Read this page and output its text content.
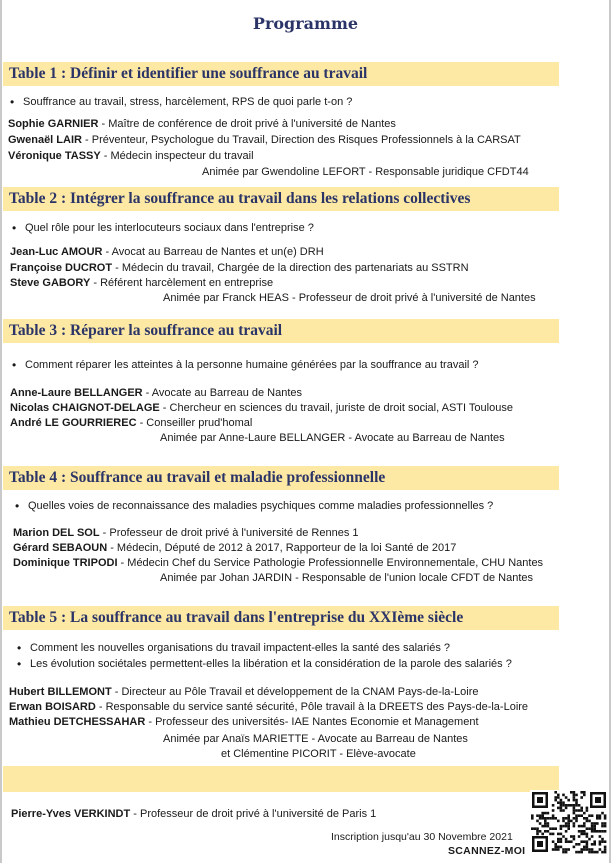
Programme
Table 1 : Définir et identifier une souffrance au travail
• Souffrance au travail, stress, harcèlement, RPS de quoi parle t-on ?
Sophie GARNIER - Maître de conférence de droit privé à l'université de Nantes
Gwenaël LAIR - Préventeur, Psychologue du Travail, Direction des Risques Professionnels à la CARSAT
Véronique TASSY - Médecin inspecteur du travail
Animée par Gwendoline LEFORT - Responsable juridique CFDT44
Table 2 : Intégrer la souffrance au travail dans les relations collectives
• Quel rôle pour les interlocuteurs sociaux dans l'entreprise ?
Jean-Luc AMOUR - Avocat au Barreau de Nantes et un(e) DRH
Françoise DUCROT - Médecin du travail, Chargée de la direction des partenariats au SSTRN
Steve GABORY - Référent harcèlement en entreprise
Animée par Franck HEAS - Professeur de droit privé à l'université de Nantes
Table 3 : Réparer la souffrance au travail
• Comment réparer les atteintes à la personne humaine générées par la souffrance au travail ?
Anne-Laure BELLANGER - Avocate au Barreau de Nantes
Nicolas CHAIGNOT-DELAGE - Chercheur en sciences du travail, juriste de droit social, ASTI Toulouse
André LE GOURRIEREC - Conseiller prud'homal
Animée par Anne-Laure BELLANGER - Avocate au Barreau de Nantes
Table 4 : Souffrance au travail et maladie professionnelle
• Quelles voies de reconnaissance des maladies psychiques comme maladies professionnelles ?
Marion DEL SOL - Professeur de droit privé à l'université de Rennes 1
Gérard SEBAOUN - Médecin, Député de 2012 à 2017, Rapporteur de la loi Santé de 2017
Dominique TRIPODI - Médecin Chef du Service Pathologie Professionnelle Environnementale, CHU Nantes
Animée par Johan JARDIN - Responsable de l'union locale CFDT de Nantes
Table 5 : La souffrance au travail dans l'entreprise du XXIème siècle
• Comment les nouvelles organisations du travail impactent-elles la santé des salariés ?
• Les évolution sociétales permettent-elles la libération et la considération de la parole des salariés ?
Hubert BILLEMONT - Directeur au Pôle Travail et développement de la CNAM Pays-de-la-Loire
Erwan BOISARD - Responsable du service santé sécurité, Pôle travail à la DREETS des Pays-de-la-Loire
Mathieu DETCHESSAHAR - Professeur des universités- IAE Nantes Economie et Management
Animée par Anaïs MARIETTE - Avocate au Barreau de Nantes
et Clémentine PICORIT - Elève-avocate
Pierre-Yves VERKINDT - Professeur de droit privé à l'université de Paris 1
Inscription jusqu'au 30 Novembre 2021
SCANNEZ-MOI
